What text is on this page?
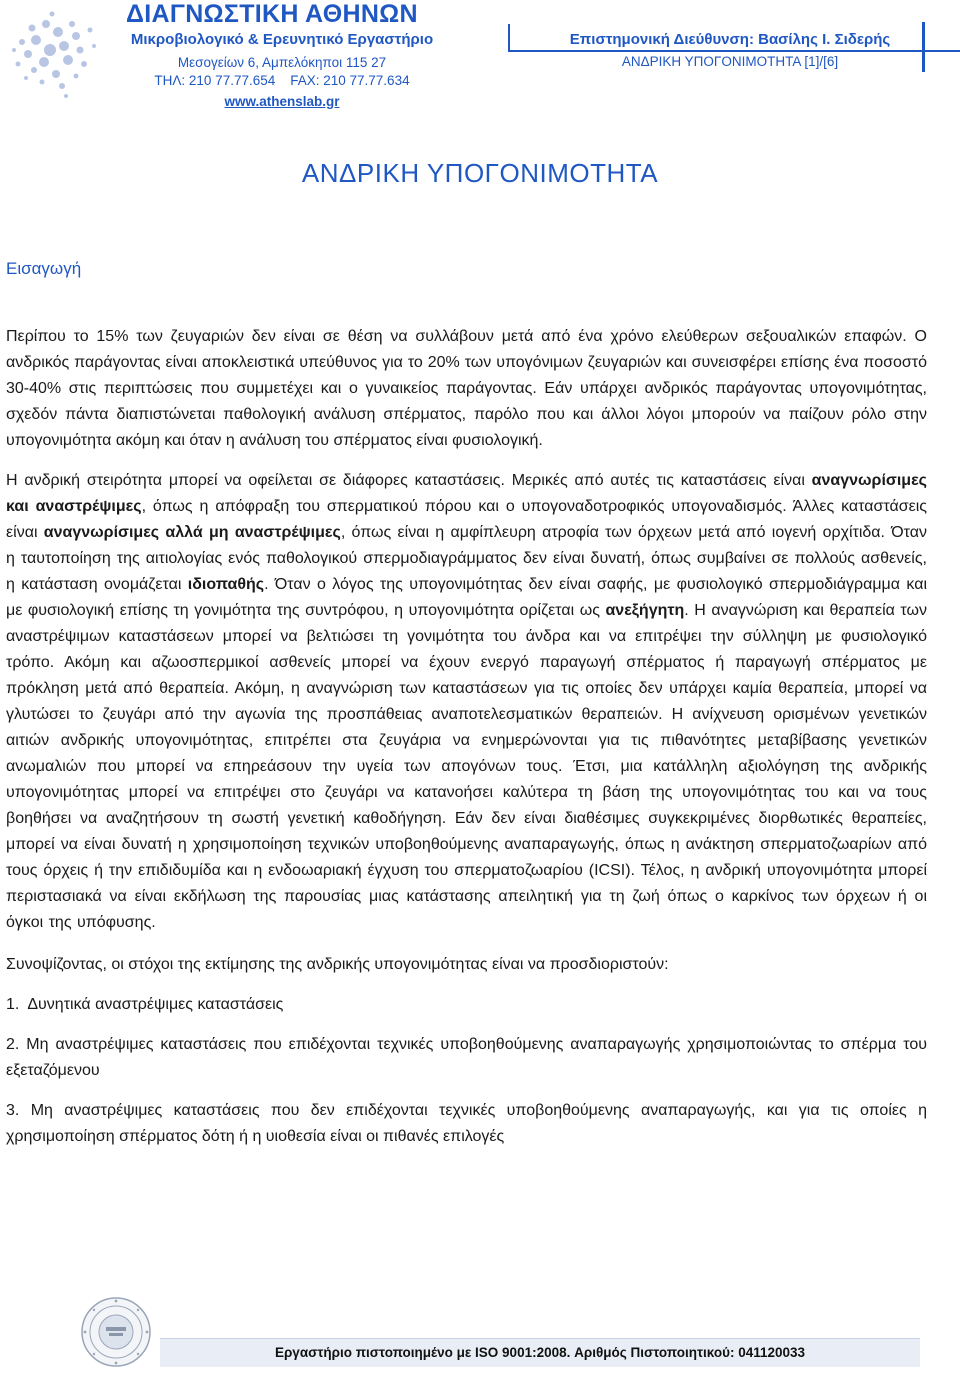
ΔΙΑΓΝΩΣΤΙΚΗ ΑΘΗΝΩΝ
Μικροβιολογικό & Ερευνητικό Εργαστήριο
Μεσογείων 6, Αμπελόκηποι 115 27
ΤΗΛ: 210 77.77.654    FAX: 210 77.77.634
www.athenslab.gr
Επιστημονική Διεύθυνση: Βασίλης Ι. Σιδερής
ΑΝΔΡΙΚΗ ΥΠΟΓΟΝΙΜΟΤΗΤΑ [1]/[6]
ΑΝΔΡΙΚΗ ΥΠΟΓΟΝΙΜΟΤΗΤΑ
Εισαγωγή

Περίπου το 15% των ζευγαριών δεν είναι σε θέση να συλλάβουν μετά από ένα χρόνο ελεύθερων σεξουαλικών επαφών. Ο ανδρικός παράγοντας είναι αποκλειστικά υπεύθυνος για το 20% των υπογόνιμων ζευγαριών και συνεισφέρει επίσης ένα ποσοστό 30-40% στις περιπτώσεις που συμμετέχει και ο γυναικείος παράγοντας. Εάν υπάρχει ανδρικός παράγοντας υπογονιμότητας, σχεδόν πάντα διαπιστώνεται παθολογική ανάλυση σπέρματος, παρόλο που και άλλοι λόγοι μπορούν να παίζουν ρόλο στην υπογονιμότητα ακόμη και όταν η ανάλυση του σπέρματος είναι φυσιολογική.

Η ανδρική στειρότητα μπορεί να οφείλεται σε διάφορες καταστάσεις. Μερικές από αυτές τις καταστάσεις είναι αναγνωρίσιμες και αναστρέψιμες, όπως η απόφραξη του σπερματικού πόρου και ο υπογοναδοτροφικός υπογοναδισμός. Άλλες καταστάσεις είναι αναγνωρίσιμες αλλά μη αναστρέψιμες, όπως είναι η αμφίπλευρη ατροφία των όρχεων μετά από ιογενή ορχίτιδα. Όταν η ταυτοποίηση της αιτιολογίας ενός παθολογικού σπερμοδιαγράμματος δεν είναι δυνατή, όπως συμβαίνει σε πολλούς ασθενείς, η κατάσταση ονομάζεται ιδιοπαθής. Όταν ο λόγος της υπογονιμότητας δεν είναι σαφής, με φυσιολογικό σπερμοδιάγραμμα και με φυσιολογική επίσης τη γονιμότητα της συντρόφου, η υπογονιμότητα ορίζεται ως ανεξήγητη. Η αναγνώριση και θεραπεία των αναστρέψιμων καταστάσεων μπορεί να βελτιώσει τη γονιμότητα του άνδρα και να επιτρέψει την σύλληψη με φυσιολογικό τρόπο. Ακόμη και αζωοσπερμικοί ασθενείς μπορεί να έχουν ενεργό παραγωγή σπέρματος ή παραγωγή σπέρματος με πρόκληση μετά από θεραπεία. Ακόμη, η αναγνώριση των καταστάσεων για τις οποίες δεν υπάρχει καμία θεραπεία, μπορεί να γλυτώσει το ζευγάρι από την αγωνία της προσπάθειας αναποτελεσματικών θεραπειών. Η ανίχνευση ορισμένων γενετικών αιτιών ανδρικής υπογονιμότητας, επιτρέπει στα ζευγάρια να ενημερώνονται για τις πιθανότητες μεταβίβασης γενετικών ανωμαλιών που μπορεί να επηρεάσουν την υγεία των απογόνων τους. Έτσι, μια κατάλληλη αξιολόγηση της ανδρικής υπογονιμότητας μπορεί να επιτρέψει στο ζευγάρι να κατανοήσει καλύτερα τη βάση της υπογονιμότητας του και να τους βοηθήσει να αναζητήσουν τη σωστή γενετική καθοδήγηση. Εάν δεν είναι διαθέσιμες συγκεκριμένες διορθωτικές θεραπείες, μπορεί να είναι δυνατή η χρησιμοποίηση τεχνικών υποβοηθούμενης αναπαραγωγής, όπως η ανάκτηση σπερματοζωαρίων από τους όρχεις ή την επιδιδυμίδα και η ενδοωαριακή έγχυση του σπερματοζωαρίου (ICSI). Τέλος, η ανδρική υπογονιμότητα μπορεί περιστασιακά να είναι εκδήλωση της παρουσίας μιας κατάστασης απειλητική για τη ζωή όπως ο καρκίνος των όρχεων ή οι όγκοι της υπόφυσης.

Συνοψίζοντας, οι στόχοι της εκτίμησης της ανδρικής υπογονιμότητας είναι να προσδιοριστούν:

1.  Δυνητικά αναστρέψιμες καταστάσεις

2. Μη αναστρέψιμες καταστάσεις που επιδέχονται τεχνικές υποβοηθούμενης αναπαραγωγής χρησιμοποιώντας το σπέρμα του εξεταζόμενου

3. Μη αναστρέψιμες καταστάσεις που δεν επιδέχονται τεχνικές υποβοηθούμενης αναπαραγωγής, και για τις οποίες η χρησιμοποίηση σπέρματος δότη ή η υιοθεσία είναι οι πιθανές επιλογές

Εργαστήριο πιστοποιημένο με ISO 9001:2008. Αριθμός Πιστοποιητικού: 041120033
